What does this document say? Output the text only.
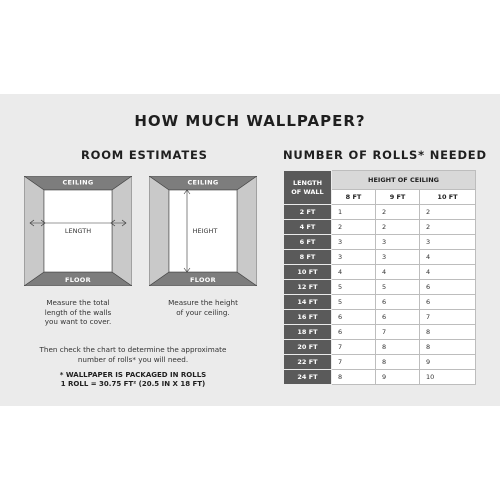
HOW MUCH WALLPAPER?
ROOM ESTIMATES
CEILING
LENGTH
FLOOR
CEILING
HEIGHT
FLOOR
Measure the total
length of the walls
you want to cover.
Measure the height
of your ceiling.
Then check the chart to determine the approximate
number of rolls* you will need.
* WALLPAPER IS PACKAGED IN ROLLS
1 ROLL = 30.75 FT² (20.5 IN X 18 FT)
NUMBER OF ROLLS* NEEDED
LENGTH
OF WALL	HEIGHT OF CEILING		
	8 FT	9 FT	10 FT
2 FT	1	2	2
4 FT	2	2	2
6 FT	3	3	3
8 FT	3	3	4
10 FT	4	4	4
12 FT	5	5	6
14 FT	5	6	6
16 FT	6	6	7
18 FT	6	7	8
20 FT	7	8	8
22 FT	7	8	9
24 FT	8	9	10
